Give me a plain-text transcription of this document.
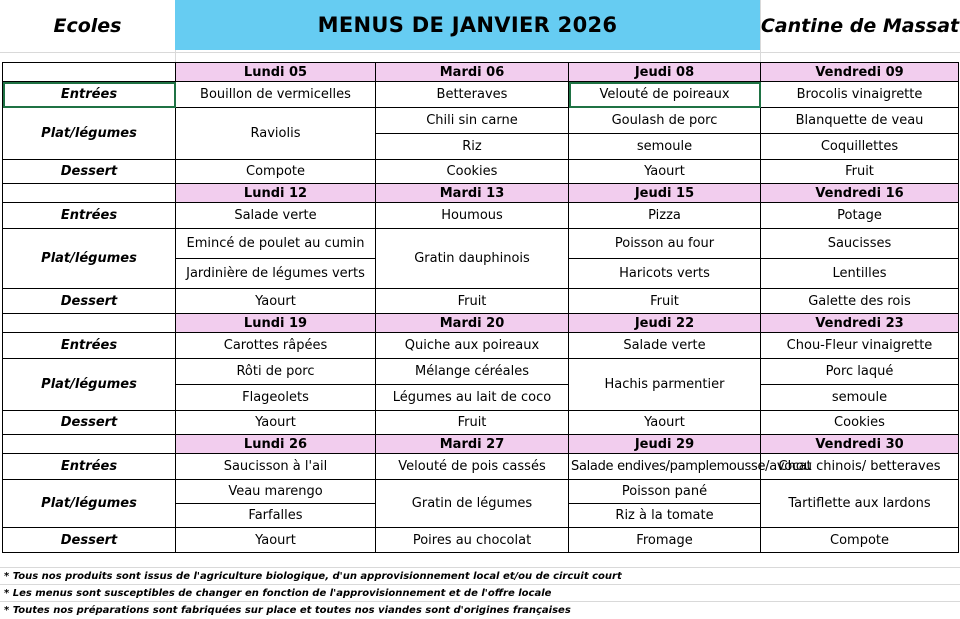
Ecoles	MENUS DE JANVIER 2026	Cantine de Massat
	Lundi 05	Mardi 06	Jeudi 08	Vendredi 09
Entrées	Bouillon de vermicelles	Betteraves	Velouté de poireaux	Brocolis vinaigrette
Plat/légumes	Raviolis	Chili sin carne	Goulash de porc	Blanquette de veau
		Riz	semoule	Coquillettes
Dessert	Compote	Cookies	Yaourt	Fruit
	Lundi 12	Mardi 13	Jeudi 15	Vendredi 16
Entrées	Salade verte	Houmous	Pizza	Potage
Plat/légumes	Emincé de poulet au cumin	Gratin dauphinois	Poisson au four	Saucisses
	Jardinière de légumes verts		Haricots verts	Lentilles
Dessert	Yaourt	Fruit	Fruit	Galette des rois
	Lundi 19	Mardi 20	Jeudi 22	Vendredi 23
Entrées	Carottes râpées	Quiche aux poireaux	Salade verte	Chou-Fleur vinaigrette
Plat/légumes	Rôti de porc	Mélange céréales	Hachis parmentier	Porc laqué
	Flageolets	Légumes au lait de coco		semoule
Dessert	Yaourt	Fruit	Yaourt	Cookies
	Lundi 26	Mardi 27	Jeudi 29	Vendredi 30
Entrées	Saucisson à l'ail	Velouté de pois cassés	Salade endives/pamplemousse/avocat	Chou chinois/ betteraves
Plat/légumes	Veau marengo	Gratin de légumes	Poisson pané	Tartiflette aux lardons
	Farfalles		Riz à la tomate	
Dessert	Yaourt	Poires au chocolat	Fromage	Compote
* Tous nos produits sont issus de l'agriculture biologique, d'un approvisionnement local et/ou de circuit court
* Les menus sont susceptibles de changer en fonction de l'approvisionnement et de l'offre locale
* Toutes nos préparations sont fabriquées sur place et toutes nos viandes sont d'origines françaises
